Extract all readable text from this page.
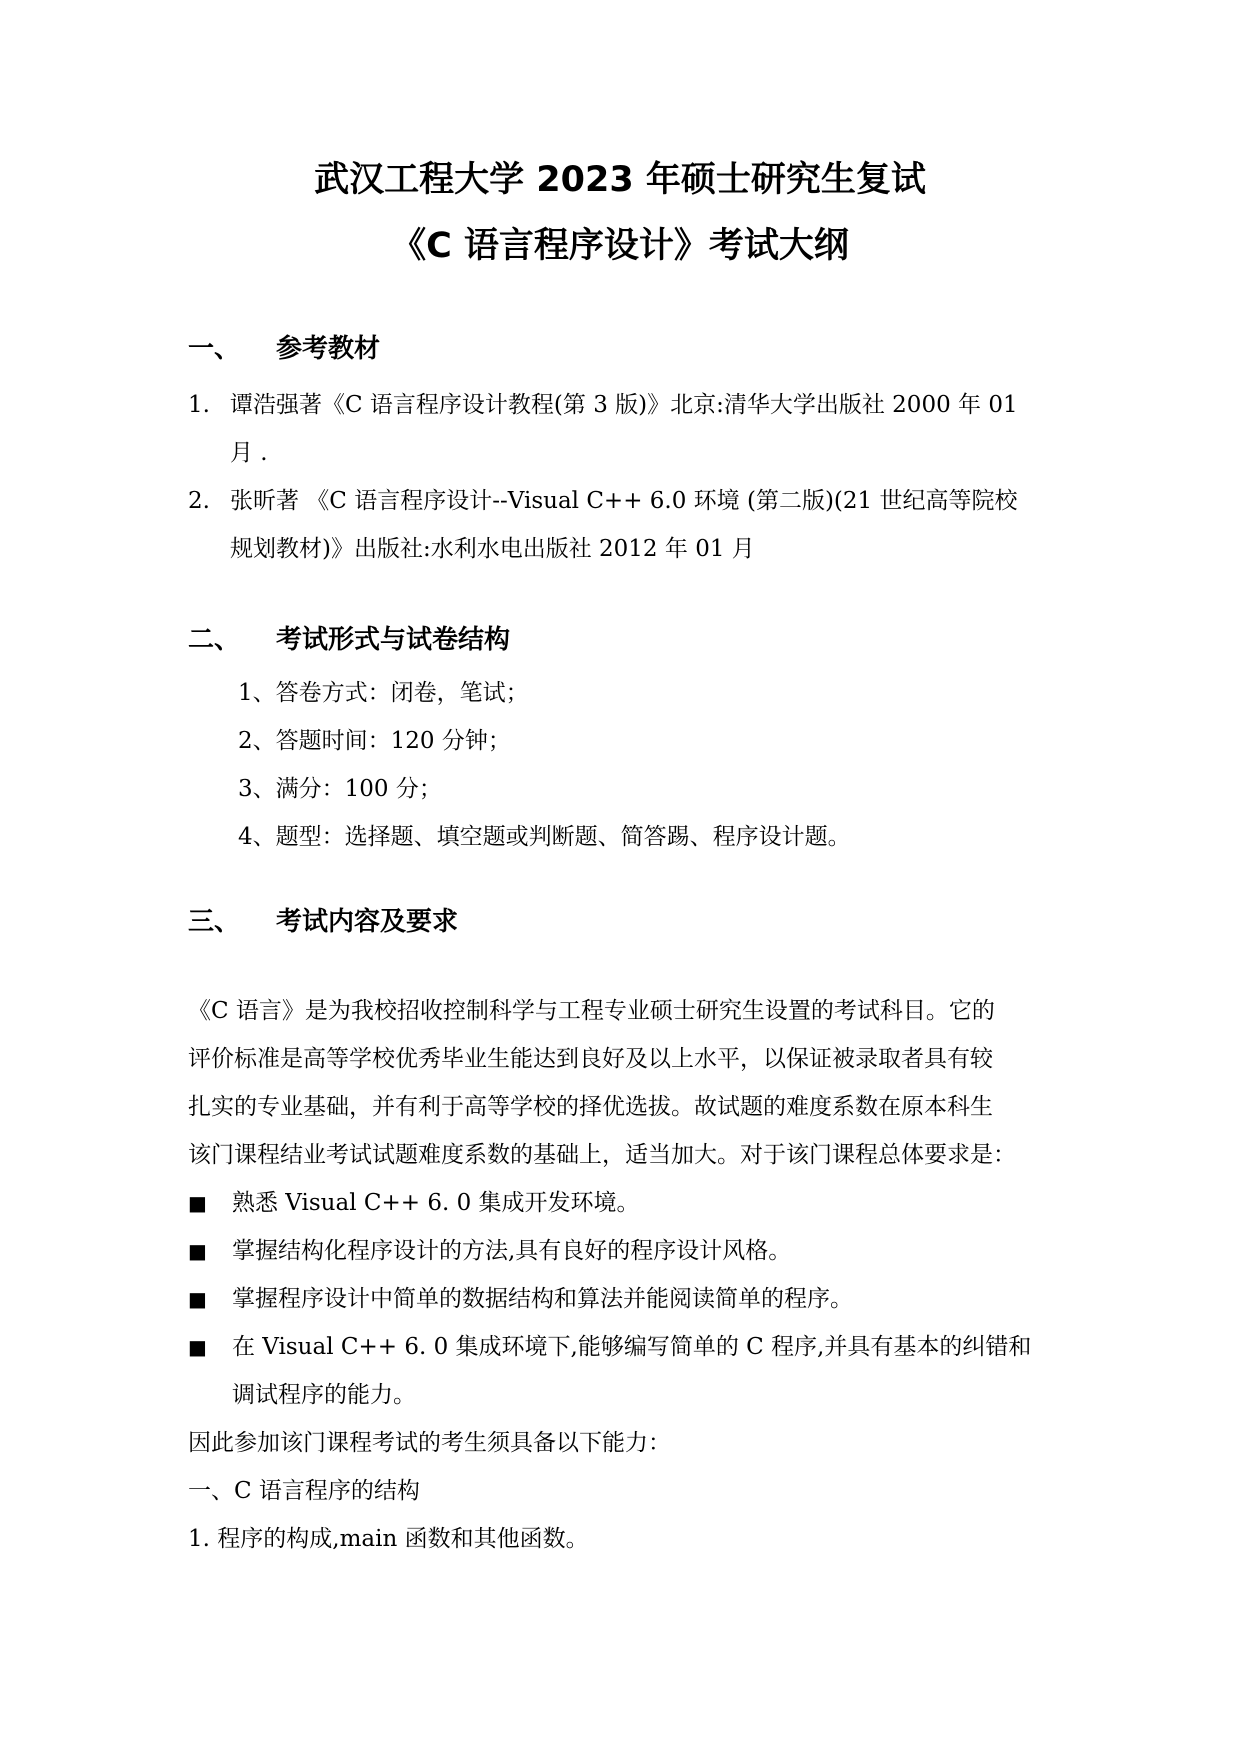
武汉工程大学 2023 年硕士研究生复试
《C 语言程序设计》考试大纲
一、 参考教材
1. 谭浩强著《C 语言程序设计教程(第 3 版)》北京:清华大学出版社 2000 年 01
月 .
2. 张昕著 《C 语言程序设计--Visual C++ 6.0 环境 (第二版)(21 世纪高等院校
规划教材)》出版社:水利水电出版社 2012 年 01 月
二、 考试形式与试卷结构
1、答卷方式：闭卷，笔试；
2、答题时间：120 分钟；
3、满分：100 分；
4、题型：选择题、填空题或判断题、简答踢、程序设计题。
三、 考试内容及要求
《C 语言》是为我校招收控制科学与工程专业硕士研究生设置的考试科目。它的
评价标准是高等学校优秀毕业生能达到良好及以上水平，以保证被录取者具有较
扎实的专业基础，并有利于高等学校的择优选拔。故试题的难度系数在原本科生
该门课程结业考试试题难度系数的基础上，适当加大。对于该门课程总体要求是：
■ 熟悉 Visual C++ 6. 0 集成开发环境。
■ 掌握结构化程序设计的方法,具有良好的程序设计风格。
■ 掌握程序设计中简单的数据结构和算法并能阅读简单的程序。
■ 在 Visual C++ 6. 0 集成环境下,能够编写简单的 C 程序,并具有基本的纠错和
调试程序的能力。
因此参加该门课程考试的考生须具备以下能力：
一、C 语言程序的结构
1. 程序的构成,main 函数和其他函数。
